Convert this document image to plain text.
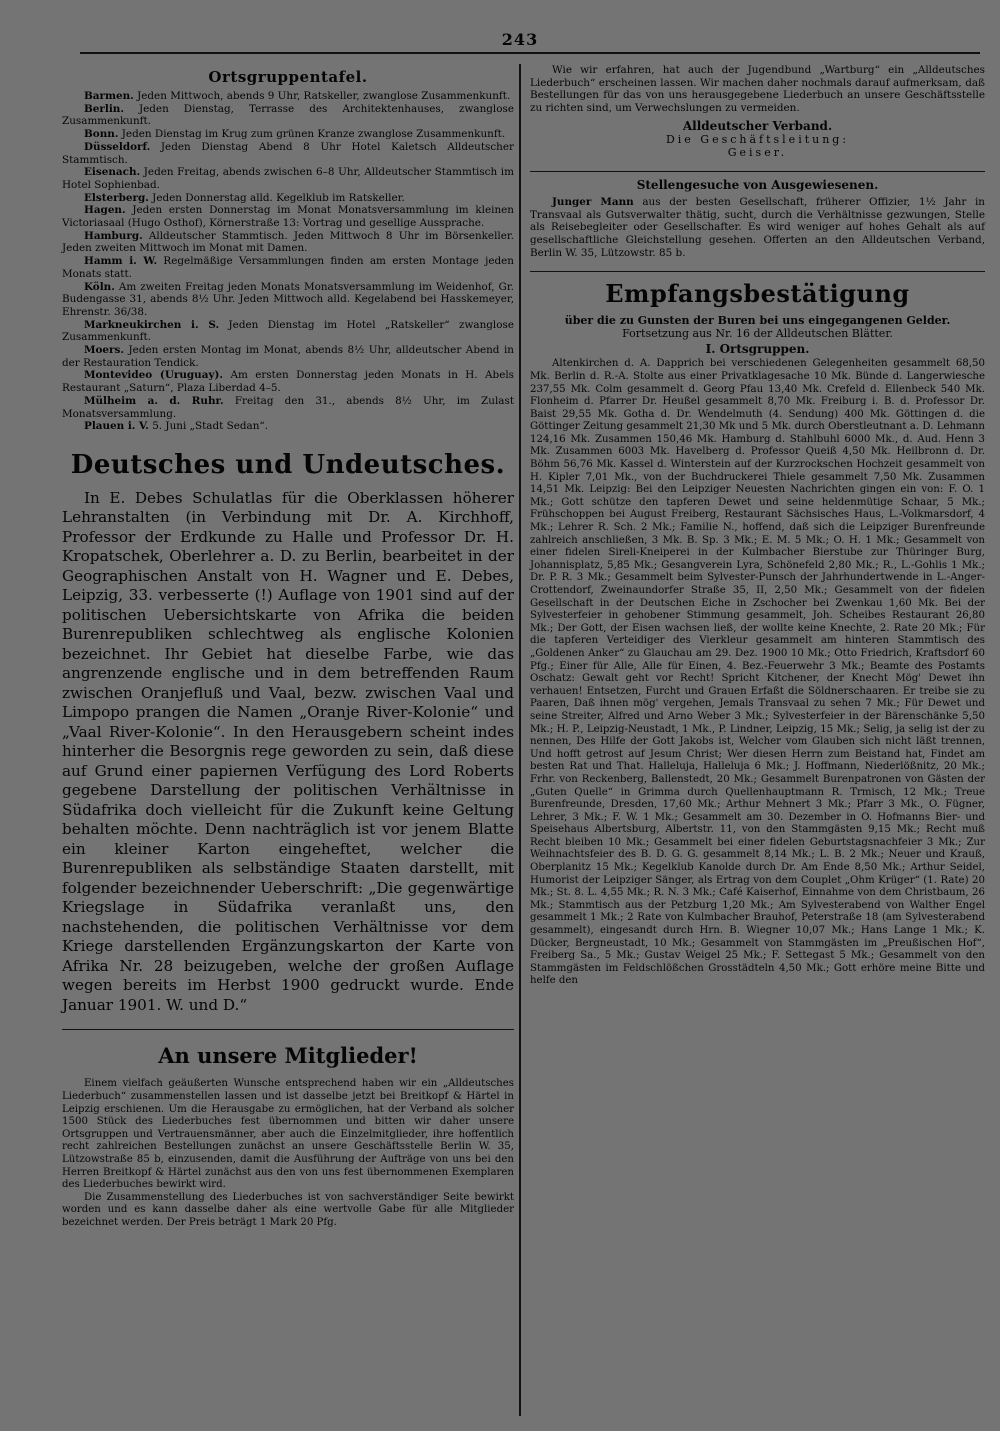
243
Ortsgruppentafel.

Barmen. Jeden Mittwoch, abends 9 Uhr, Ratskeller, zwanglose Zusammenkunft.

Berlin. Jeden Dienstag, Terrasse des Architektenhauses, zwanglose Zusammenkunft.

Bonn. Jeden Dienstag im Krug zum grünen Kranze zwanglose Zusammenkunft.

Düsseldorf. Jeden Dienstag Abend 8 Uhr Hotel Kaletsch Alldeutscher Stammtisch.

Eisenach. Jeden Freitag, abends zwischen 6–8 Uhr, Alldeutscher Stammtisch im Hotel Sophienbad.

Elsterberg. Jeden Donnerstag alld. Kegelklub im Ratskeller.

Hagen. Jeden ersten Donnerstag im Monat Monatsversammlung im kleinen Victoriasaal (Hugo Osthof), Körnerstraße 13: Vortrag und gesellige Aussprache.

Hamburg. Alldeutscher Stammtisch. Jeden Mittwoch 8 Uhr im Börsenkeller. Jeden zweiten Mittwoch im Monat mit Damen.

Hamm i. W. Regelmäßige Versammlungen finden am ersten Montage jeden Monats statt.

Köln. Am zweiten Freitag jeden Monats Monatsversammlung im Weidenhof, Gr. Budengasse 31, abends 8½ Uhr. Jeden Mittwoch alld. Kegelabend bei Hasskemeyer, Ehrenstr. 36/38.

Markneukirchen i. S. Jeden Dienstag im Hotel „Ratskeller“ zwanglose Zusammenkunft.

Moers. Jeden ersten Montag im Monat, abends 8½ Uhr, alldeutscher Abend in der Restauration Tendick.

Montevideo (Uruguay). Am ersten Donnerstag jeden Monats in H. Abels Restaurant „Saturn“, Plaza Liberdad 4–5.

Mülheim a. d. Ruhr. Freitag den 31., abends 8½ Uhr, im Zulast Monatsversammlung.

Plauen i. V. 5. Juni „Stadt Sedan“.

Deutsches und Undeutsches.

In E. Debes Schulatlas für die Oberklassen höherer Lehranstalten (in Verbindung mit Dr. A. Kirchhoff, Professor der Erdkunde zu Halle und Professor Dr. H. Kropatschek, Oberlehrer a. D. zu Berlin, bearbeitet in der Geographischen Anstalt von H. Wagner und E. Debes, Leipzig, 33. verbesserte (!) Auflage von 1901 sind auf der politischen Uebersichtskarte von Afrika die beiden Burenrepubliken schlechtweg als englische Kolonien bezeichnet. Ihr Gebiet hat dieselbe Farbe, wie das angrenzende englische und in dem betreffenden Raum zwischen Oranjefluß und Vaal, bezw. zwischen Vaal und Limpopo prangen die Namen „Oranje River-Kolonie“ und „Vaal River-Kolonie“. In den Herausgebern scheint indes hinterher die Besorgnis rege geworden zu sein, daß diese auf Grund einer papiernen Verfügung des Lord Roberts gegebene Darstellung der politischen Verhältnisse in Südafrika doch vielleicht für die Zukunft keine Geltung behalten möchte. Denn nachträglich ist vor jenem Blatte ein kleiner Karton eingeheftet, welcher die Burenrepubliken als selbständige Staaten darstellt, mit folgender bezeichnender Ueberschrift: „Die gegenwärtige Kriegslage in Südafrika veranlaßt uns, den nachstehenden, die politischen Verhältnisse vor dem Kriege darstellenden Ergänzungskarton der Karte von Afrika Nr. 28 beizugeben, welche der großen Auflage wegen bereits im Herbst 1900 gedruckt wurde. Ende Januar 1901. W. und D.“

An unsere Mitglieder!

Einem vielfach geäußerten Wunsche entsprechend haben wir ein „Alldeutsches Liederbuch“ zusammenstellen lassen und ist dasselbe jetzt bei Breitkopf & Härtel in Leipzig erschienen. Um die Herausgabe zu ermöglichen, hat der Verband als solcher 1500 Stück des Liederbuches fest übernommen und bitten wir daher unsere Ortsgruppen und Vertrauensmänner, aber auch die Einzelmitglieder, ihre hoffentlich recht zahlreichen Bestellungen zunächst an unsere Geschäftsstelle Berlin W. 35, Lützowstraße 85 b, einzusenden, damit die Ausführung der Aufträge von uns bei den Herren Breitkopf & Härtel zunächst aus den von uns fest übernommenen Exemplaren des Liederbuches bewirkt wird.

Die Zusammenstellung des Liederbuches ist von sachverständiger Seite bewirkt worden und es kann dasselbe daher als eine wertvolle Gabe für alle Mitglieder bezeichnet werden. Der Preis beträgt 1 Mark 20 Pfg.

Wie wir erfahren, hat auch der Jugendbund „Wartburg“ ein „Alldeutsches Liederbuch“ erscheinen lassen. Wir machen daher nochmals darauf aufmerksam, daß Bestellungen für das von uns herausgegebene Liederbuch an unsere Geschäftsstelle zu richten sind, um Verwechslungen zu vermeiden.

Alldeutscher Verband.
Die Geschäftsleitung:
Geiser.
Stellengesuche von Ausgewiesenen.

Junger Mann aus der besten Gesellschaft, früherer Offizier, 1½ Jahr in Transvaal als Gutsverwalter thätig, sucht, durch die Verhältnisse gezwungen, Stelle als Reisebegleiter oder Gesellschafter. Es wird weniger auf hohes Gehalt als auf gesellschaftliche Gleichstellung gesehen. Offerten an den Alldeutschen Verband, Berlin W. 35, Lützowstr. 85 b.

Empfangsbestätigung
über die zu Gunsten der Buren bei uns eingegangenen Gelder.
Fortsetzung aus Nr. 16 der Alldeutschen Blätter.
I. Ortsgruppen.

Altenkirchen d. A. Dapprich bei verschiedenen Gelegenheiten gesammelt 68,50 Mk. Berlin d. R.-A. Stolte aus einer Privatklagesache 10 Mk. Bünde d. Langerwiesche 237,55 Mk. Colm gesammelt d. Georg Pfau 13,40 Mk. Crefeld d. Ellenbeck 540 Mk. Flonheim d. Pfarrer Dr. Heußel gesammelt 8,70 Mk. Freiburg i. B. d. Professor Dr. Baist 29,55 Mk. Gotha d. Dr. Wendelmuth (4. Sendung) 400 Mk. Göttingen d. die Göttinger Zeitung gesammelt 21,30 Mk und 5 Mk. durch Oberstleutnant a. D. Lehmann 124,16 Mk. Zusammen 150,46 Mk. Hamburg d. Stahlbuhl 6000 Mk., d. Aud. Henn 3 Mk. Zusammen 6003 Mk. Havelberg d. Professor Queiß 4,50 Mk. Heilbronn d. Dr. Böhm 56,76 Mk. Kassel d. Winterstein auf der Kurzrockschen Hochzeit gesammelt von H. Kipler 7,01 Mk., von der Buchdruckerei Thiele gesammelt 7,50 Mk. Zusammen 14,51 Mk. Leipzig: Bei den Leipziger Neuesten Nachrichten gingen ein von: F. O. 1 Mk.; Gott schütze den tapferen Dewet und seine heldenmütige Schaar, 5 Mk.; Frühschoppen bei August Freiberg, Restaurant Sächsisches Haus, L.-Volkmarsdorf, 4 Mk.; Lehrer R. Sch. 2 Mk.; Familie N., hoffend, daß sich die Leipziger Burenfreunde zahlreich anschließen, 3 Mk. B. Sp. 3 Mk.; E. M. 5 Mk.; O. H. 1 Mk.; Gesammelt von einer fidelen Sireli-Kneiperei in der Kulmbacher Bierstube zur Thüringer Burg, Johannisplatz, 5,85 Mk.; Gesangverein Lyra, Schönefeld 2,80 Mk.; R., L.-Gohlis 1 Mk.; Dr. P. R. 3 Mk.; Gesammelt beim Sylvester-Punsch der Jahrhundertwende in L.-Anger-Crottendorf, Zweinaundorfer Straße 35, II, 2,50 Mk.; Gesammelt von der fidelen Gesellschaft in der Deutschen Eiche in Zschocher bei Zwenkau 1,60 Mk. Bei der Sylvesterfeier in gehobener Stimmung gesammelt, Joh. Scheibes Restaurant 26,80 Mk.; Der Gott, der Eisen wachsen ließ, der wollte keine Knechte, 2. Rate 20 Mk.; Für die tapferen Verteidiger des Vierkleur gesammelt am hinteren Stammtisch des „Goldenen Anker“ zu Glauchau am 29. Dez. 1900 10 Mk.; Otto Friedrich, Kraftsdorf 60 Pfg.; Einer für Alle, Alle für Einen, 4. Bez.-Feuerwehr 3 Mk.; Beamte des Postamts Oschatz: Gewalt geht vor Recht! Spricht Kitchener, der Knecht Mög' Dewet ihn verhauen! Entsetzen, Furcht und Grauen Erfaßt die Söldnerschaaren. Er treibe sie zu Paaren, Daß ihnen mög' vergehen, Jemals Transvaal zu sehen 7 Mk.; Für Dewet und seine Streiter, Alfred und Arno Weber 3 Mk.; Sylvesterfeier in der Bärenschänke 5,50 Mk.; H. P., Leipzig-Neustadt, 1 Mk., P. Lindner, Leipzig, 15 Mk.; Selig, ja selig ist der zu nennen, Des Hilfe der Gott Jakobs ist, Welcher vom Glauben sich nicht läßt trennen, Und hofft getrost auf Jesum Christ; Wer diesen Herrn zum Beistand hat, Findet am besten Rat und That. Halleluja, Halleluja 6 Mk.; J. Hoffmann, Niederlößnitz, 20 Mk.; Frhr. von Reckenberg, Ballenstedt, 20 Mk.; Gesammelt Burenpatronen von Gästen der „Guten Quelle“ in Grimma durch Quellenhauptmann R. Trmisch, 12 Mk.; Treue Burenfreunde, Dresden, 17,60 Mk.; Arthur Mehnert 3 Mk.; Pfarr 3 Mk., O. Fügner, Lehrer, 3 Mk.; F. W. 1 Mk.; Gesammelt am 30. Dezember in O. Hofmanns Bier- und Speisehaus Albertsburg, Albertstr. 11, von den Stammgästen 9,15 Mk.; Recht muß Recht bleiben 10 Mk.; Gesammelt bei einer fidelen Geburtstagsnachfeier 3 Mk.; Zur Weihnachtsfeier des B. D. G. G. gesammelt 8,14 Mk.; L. B. 2 Mk.; Neuer und Krauß, Oberplanitz 15 Mk.; Kegelklub Kanolde durch Dr. Am Ende 8,50 Mk.; Arthur Seidel, Humorist der Leipziger Sänger, als Ertrag von dem Couplet „Ohm Krüger“ (1. Rate) 20 Mk.; St. 8. L. 4,55 Mk.; R. N. 3 Mk.; Café Kaiserhof, Einnahme von dem Christbaum, 26 Mk.; Stammtisch aus der Petzburg 1,20 Mk.; Am Sylvesterabend von Walther Engel gesammelt 1 Mk.; 2 Rate von Kulmbacher Brauhof, Peterstraße 18 (am Sylvesterabend gesammelt), eingesandt durch Hrn. B. Wiegner 10,07 Mk.; Hans Lange 1 Mk.; K. Dücker, Bergneustadt, 10 Mk.; Gesammelt von Stammgästen im „Preußischen Hof“, Freiberg Sa., 5 Mk.; Gustav Weigel 25 Mk.; F. Settegast 5 Mk.; Gesammelt von den Stammgästen im Feldschlößchen Grosstädteln 4,50 Mk.; Gott erhöre meine Bitte und helfe den
